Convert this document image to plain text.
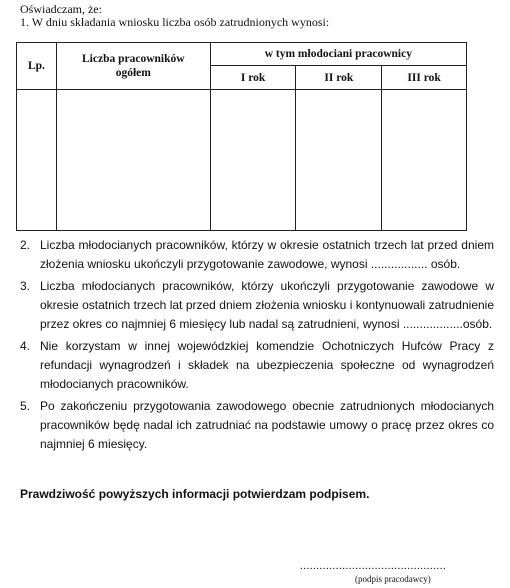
Oświadczam, że:
1. W dniu składania wniosku liczba osób zatrudnionych wynosi:
Lp.	Liczba pracowników ogółem	w tym młodociani pracownicy		
		I rok	II rok	III rok

2. Liczba młodocianych pracowników, którzy w okresie ostatnich trzech lat przed dniem złożenia wniosku ukończyli przygotowanie zawodowe, wynosi ................. osób.
3. Liczba młodocianych pracowników, którzy ukończyli przygotowanie zawodowe w okresie ostatnich trzech lat przed dniem złożenia wniosku i kontynuowali zatrudnienie przez okres co najmniej 6 miesięcy lub nadal są zatrudnieni, wynosi ..................osób.
4. Nie korzystam w innej wojewódzkiej komendzie Ochotniczych Hufców Pracy z refundacji wynagrodzeń i składek na ubezpieczenia społeczne od wynagrodzeń młodocianych pracowników.
5. Po zakończeniu przygotowania zawodowego obecnie zatrudnionych młodocianych pracowników będę nadal ich zatrudniać na podstawie umowy o pracę przez okres co najmniej 6 miesięcy.
Prawdziwość powyższych informacji potwierdzam podpisem.
.............................................
(podpis pracodawcy)
